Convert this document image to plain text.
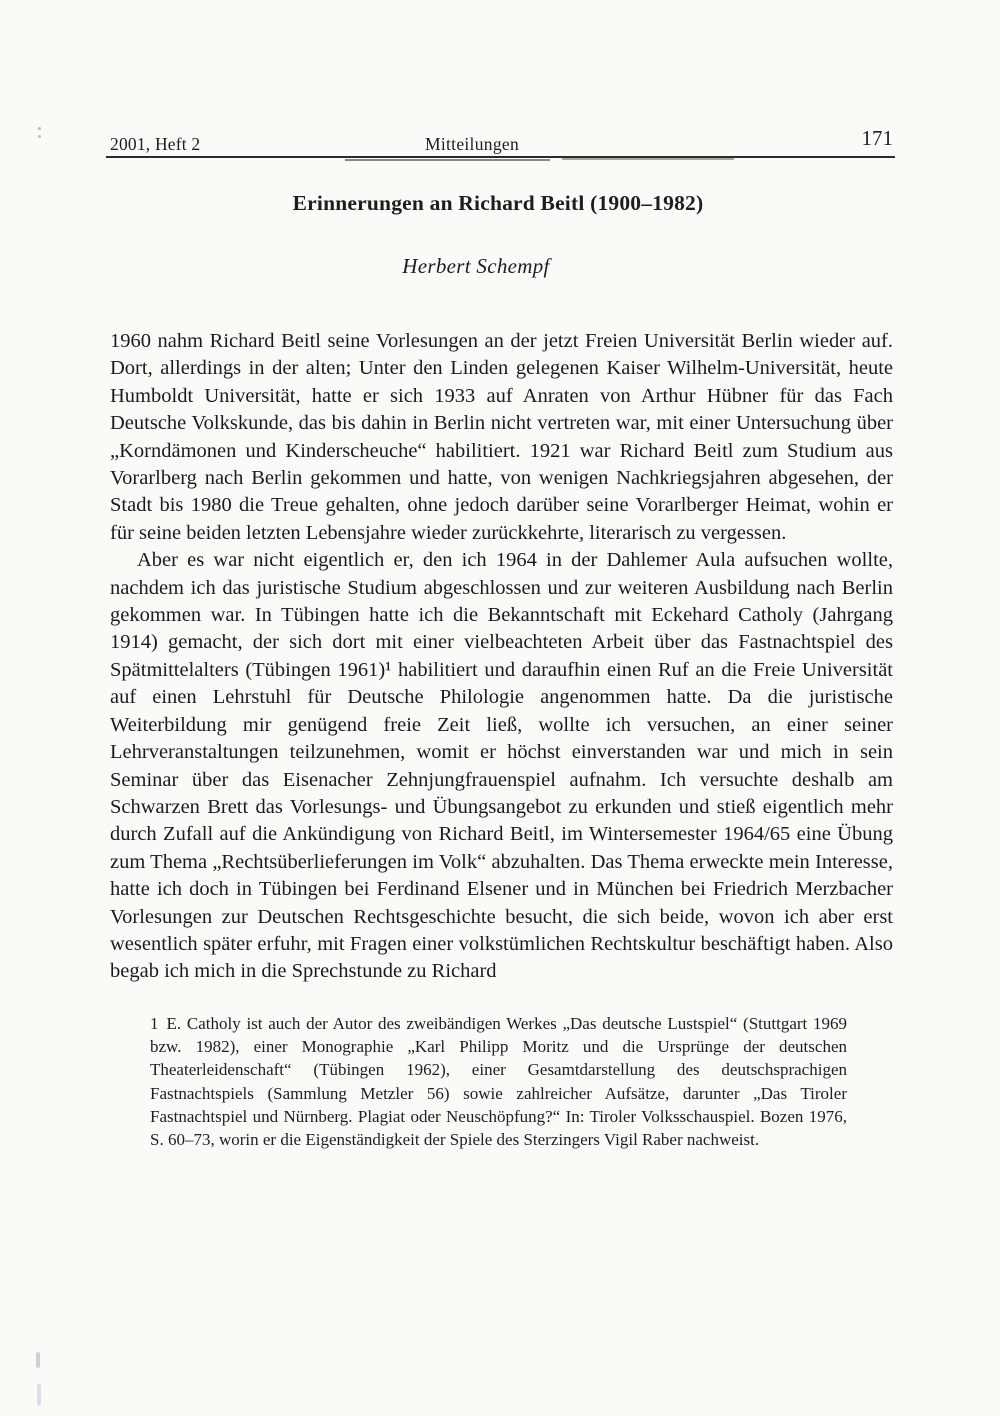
2001, Heft 2	Mitteilungen	171
Erinnerungen an Richard Beitl (1900–1982)
Herbert Schempf

1960 nahm Richard Beitl seine Vorlesungen an der jetzt Freien Universität Berlin wieder auf. Dort, allerdings in der alten; Unter den Linden gelegenen Kaiser Wilhelm-Universität, heute Humboldt Universität, hatte er sich 1933 auf Anraten von Arthur Hübner für das Fach Deutsche Volkskunde, das bis dahin in Berlin nicht vertreten war, mit einer Untersuchung über „Korndämonen und Kinderscheuche“ habilitiert. 1921 war Richard Beitl zum Studium aus Vorarlberg nach Berlin gekommen und hatte, von wenigen Nachkriegsjahren abgesehen, der Stadt bis 1980 die Treue gehalten, ohne jedoch darüber seine Vorarlberger Heimat, wohin er für seine beiden letzten Lebensjahre wieder zurückkehrte, literarisch zu vergessen.

Aber es war nicht eigentlich er, den ich 1964 in der Dahlemer Aula aufsuchen wollte, nachdem ich das juristische Studium abgeschlossen und zur weiteren Ausbildung nach Berlin gekommen war. In Tübingen hatte ich die Bekanntschaft mit Eckehard Catholy (Jahrgang 1914) gemacht, der sich dort mit einer vielbeachteten Arbeit über das Fastnachtspiel des Spätmittelalters (Tübingen 1961)¹ habilitiert und daraufhin einen Ruf an die Freie Universität auf einen Lehrstuhl für Deutsche Philologie angenommen hatte. Da die juristische Weiterbildung mir genügend freie Zeit ließ, wollte ich versuchen, an einer seiner Lehrveranstaltungen teilzunehmen, womit er höchst einverstanden war und mich in sein Seminar über das Eisenacher Zehnjungfrauenspiel aufnahm. Ich versuchte deshalb am Schwarzen Brett das Vorlesungs- und Übungsangebot zu erkunden und stieß eigentlich mehr durch Zufall auf die Ankündigung von Richard Beitl, im Wintersemester 1964/65 eine Übung zum Thema „Rechtsüberlieferungen im Volk“ abzuhalten. Das Thema erweckte mein Interesse, hatte ich doch in Tübingen bei Ferdinand Elsener und in München bei Friedrich Merzbacher Vorlesungen zur Deutschen Rechtsgeschichte besucht, die sich beide, wovon ich aber erst wesentlich später erfuhr, mit Fragen einer volkstümlichen Rechtskultur beschäftigt haben. Also begab ich mich in die Sprechstunde zu Richard

1 E. Catholy ist auch der Autor des zweibändigen Werkes „Das deutsche Lustspiel“ (Stuttgart 1969 bzw. 1982), einer Monographie „Karl Philipp Moritz und die Ursprünge der deutschen Theaterleidenschaft“ (Tübingen 1962), einer Gesamtdarstellung des deutschsprachigen Fastnachtspiels (Sammlung Metzler 56) sowie zahlreicher Aufsätze, darunter „Das Tiroler Fastnachtspiel und Nürnberg. Plagiat oder Neuschöpfung?“ In: Tiroler Volksschauspiel. Bozen 1976, S. 60–73, worin er die Eigenständigkeit der Spiele des Sterzingers Vigil Raber nachweist.
